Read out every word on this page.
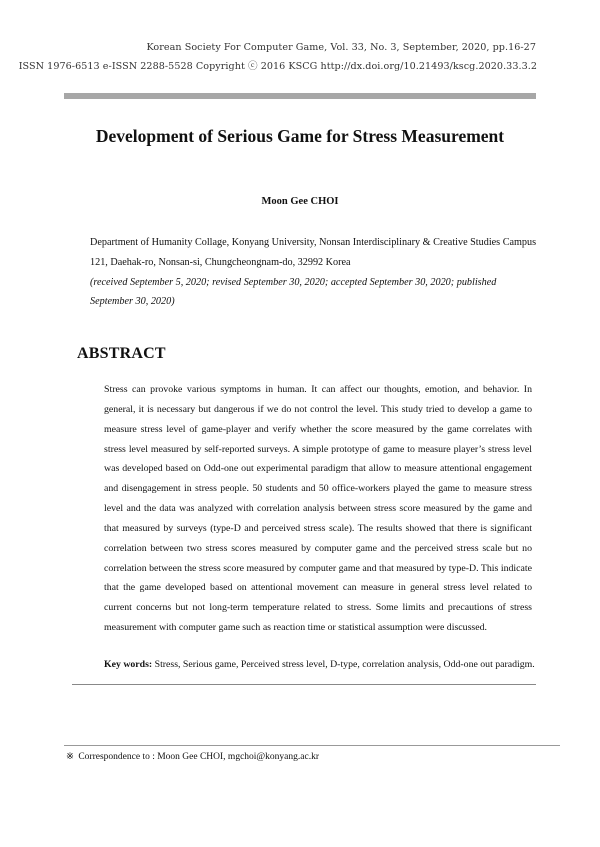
Korean Society For Computer Game, Vol. 33, No. 3, September, 2020, pp.16-27
ISSN 1976-6513 e-ISSN 2288-5528 Copyright ⓒ 2016 KSCG http://dx.doi.org/10.21493/kscg.2020.33.3.2
Development of Serious Game for Stress Measurement
Moon Gee CHOI
Department of Humanity Collage, Konyang University, Nonsan Interdisciplinary & Creative Studies Campus
121, Daehak-ro, Nonsan-si, Chungcheongnam-do, 32992 Korea
(received September 5, 2020; revised September 30, 2020; accepted September 30, 2020; published September 30, 2020)
ABSTRACT

Stress can provoke various symptoms in human. It can affect our thoughts, emotion, and behavior. In general, it is necessary but dangerous if we do not control the level. This study tried to develop a game to measure stress level of game-player and verify whether the score measured by the game correlates with stress level measured by self-reported surveys. A simple prototype of game to measure player’s stress level was developed based on Odd-one out experimental paradigm that allow to measure attentional engagement and disengagement in stress people. 50 students and 50 office-workers played the game to measure stress level and the data was analyzed with correlation analysis between stress score measured by the game and that measured by surveys (type-D and perceived stress scale). The results showed that there is significant correlation between two stress scores measured by computer game and the perceived stress scale but no correlation between the stress score measured by computer game and that measured by type-D. This indicate that the game developed based on attentional movement can measure in general stress level related to current concerns but not long-term temperature related to stress. Some limits and precautions of stress measurement with computer game such as reaction time or statistical assumption were discussed.

Key words: Stress, Serious game, Perceived stress level, D-type, correlation analysis, Odd-one out paradigm.
※ Correspondence to : Moon Gee CHOI, mgchoi@konyang.ac.kr
